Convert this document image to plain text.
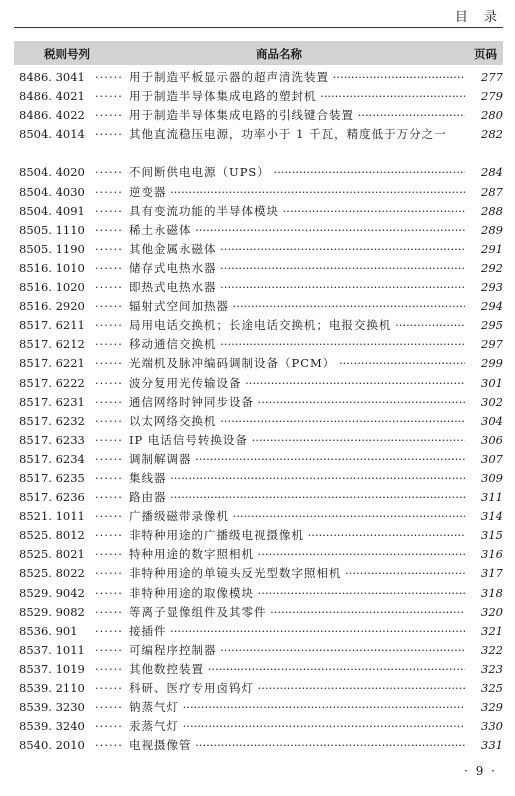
目 录
税则号列	商品名称	页码
8486. 3041 ······ 用于制造平板显示器的超声清洗装置 ·····	277
8486. 4021 ······ 用于制造半导体集成电路的塑封机 ·····	279
8486. 4022 ······ 用于制造半导体集成电路的引线键合装置 ·····	280
8504. 4014 ······ 其他直流稳压电源，功率小于 1 千瓦，精度低于万分之一	282
8504. 4020 ······ 不间断供电电源（UPS） ·····	284
8504. 4030 ······ 逆变器 ·····	287
8504. 4091 ······ 具有变流功能的半导体模块 ·····	288
8505. 1110 ······ 稀土永磁体 ·····	289
8505. 1190 ······ 其他金属永磁体 ·····	291
8516. 1010 ······ 储存式电热水器 ·····	292
8516. 1020 ······ 即热式电热水器 ·····	293
8516. 2920 ······ 辐射式空间加热器 ·····	294
8517. 6211 ······ 局用电话交换机；长途电话交换机；电报交换机 ·····	295
8517. 6212 ······ 移动通信交换机 ·····	297
8517. 6221 ······ 光端机及脉冲编码调制设备（PCM） ·····	299
8517. 6222 ······ 波分复用光传输设备 ·····	301
8517. 6231 ······ 通信网络时钟同步设备 ·····	302
8517. 6232 ······ 以太网络交换机 ·····	304
8517. 6233 ······ IP 电话信号转换设备 ·····	306
8517. 6234 ······ 调制解调器 ·····	307
8517. 6235 ······ 集线器 ·····	309
8517. 6236 ······ 路由器 ·····	311
8521. 1011 ······ 广播级磁带录像机 ·····	314
8525. 8012 ······ 非特种用途的广播级电视摄像机 ·····	315
8525. 8021 ······ 特种用途的数字照相机 ·····	316
8525. 8022 ······ 非特种用途的单镜头反光型数字照相机 ·····	317
8529. 9042 ······ 非特种用途的取像模块 ·····	318
8529. 9082 ······ 等离子显像组件及其零件 ·····	320
8536. 901 ······ 接插件 ·····	321
8537. 1011 ······ 可编程序控制器 ·····	322
8537. 1019 ······ 其他数控装置 ·····	323
8539. 2110 ······ 科研、医疗专用卤钨灯 ·····	325
8539. 3230 ······ 钠蒸气灯 ·····	329
8539. 3240 ······ 汞蒸气灯 ·····	330
8540. 2010 ······ 电视摄像管 ·····	331
· 9 ·
